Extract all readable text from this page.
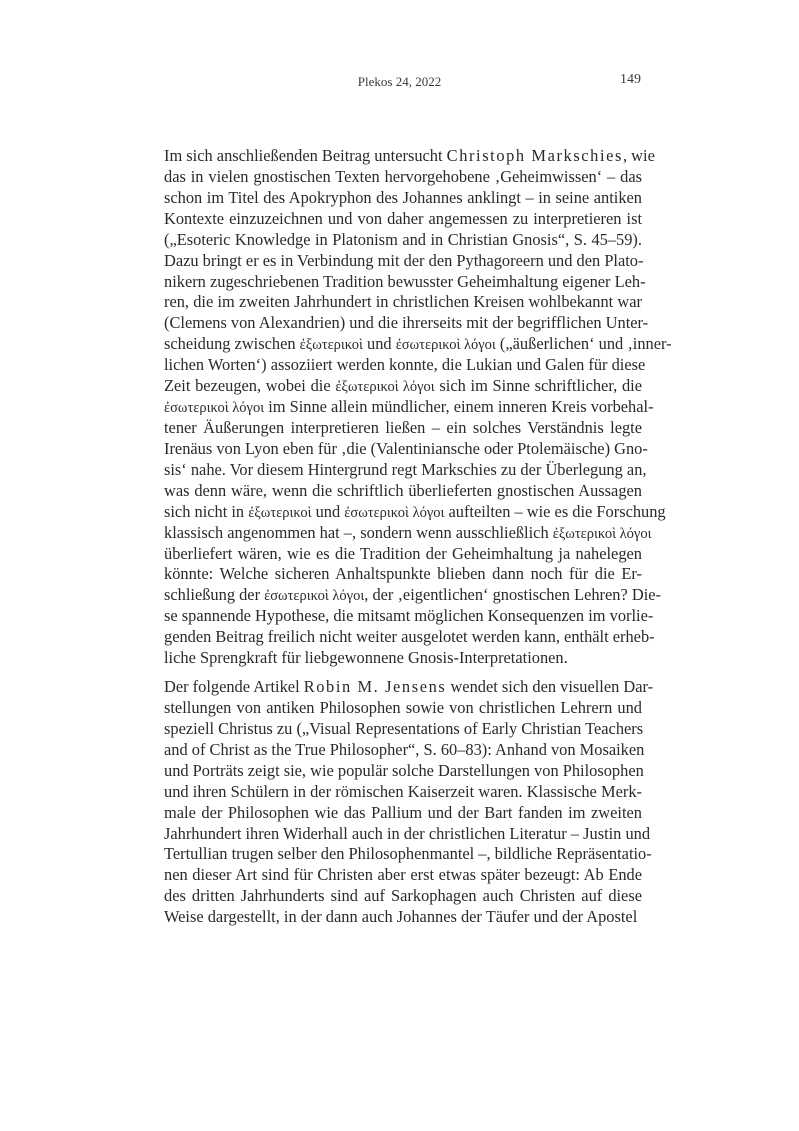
Plekos 24, 2022	149
Im sich anschließenden Beitrag untersucht Christoph Markschies, wie
das in vielen gnostischen Texten hervorgehobene ‚Geheimwissen‘ – das
schon im Titel des Apokryphon des Johannes anklingt – in seine antiken
Kontexte einzuzeichnen und von daher angemessen zu interpretieren ist
(„Esoteric Knowledge in Platonism and in Christian Gnosis“, S. 45–59).
Dazu bringt er es in Verbindung mit der den Pythagoreern und den Plato-
nikern zugeschriebenen Tradition bewusster Geheimhaltung eigener Leh-
ren, die im zweiten Jahrhundert in christlichen Kreisen wohlbekannt war
(Clemens von Alexandrien) und die ihrerseits mit der begrifflichen Unter-
scheidung zwischen ἐξωτερικοὶ und ἐσωτερικοὶ λόγοι („äußerlichen‘ und ‚inner-
lichen Worten‘) assoziiert werden konnte, die Lukian und Galen für diese
Zeit bezeugen, wobei die ἐξωτερικοὶ λόγοι sich im Sinne schriftlicher, die
ἐσωτερικοὶ λόγοι im Sinne allein mündlicher, einem inneren Kreis vorbehal-
tener Äußerungen interpretieren ließen – ein solches Verständnis legte
Irenäus von Lyon eben für ‚die (Valentiniansche oder Ptolemäische) Gno-
sis‘ nahe. Vor diesem Hintergrund regt Markschies zu der Überlegung an,
was denn wäre, wenn die schriftlich überlieferten gnostischen Aussagen
sich nicht in ἐξωτερικοὶ und ἐσωτερικοὶ λόγοι aufteilten – wie es die Forschung
klassisch angenommen hat –, sondern wenn ausschließlich ἐξωτερικοὶ λόγοι
überliefert wären, wie es die Tradition der Geheimhaltung ja nahelegen
könnte: Welche sicheren Anhaltspunkte blieben dann noch für die Er-
schließung der ἐσωτερικοὶ λόγοι, der ‚eigentlichen‘ gnostischen Lehren? Die-
se spannende Hypothese, die mitsamt möglichen Konsequenzen im vorlie-
genden Beitrag freilich nicht weiter ausgelotet werden kann, enthält erheb-
liche Sprengkraft für liebgewonnene Gnosis-Interpretationen.
Der folgende Artikel Robin M. Jensens wendet sich den visuellen Dar-
stellungen von antiken Philosophen sowie von christlichen Lehrern und
speziell Christus zu („Visual Representations of Early Christian Teachers
and of Christ as the True Philosopher“, S. 60–83): Anhand von Mosaiken
und Porträts zeigt sie, wie populär solche Darstellungen von Philosophen
und ihren Schülern in der römischen Kaiserzeit waren. Klassische Merk-
male der Philosophen wie das Pallium und der Bart fanden im zweiten
Jahrhundert ihren Widerhall auch in der christlichen Literatur – Justin und
Tertullian trugen selber den Philosophenmantel –, bildliche Repräsentatio-
nen dieser Art sind für Christen aber erst etwas später bezeugt: Ab Ende
des dritten Jahrhunderts sind auf Sarkophagen auch Christen auf diese
Weise dargestellt, in der dann auch Johannes der Täufer und der Apostel
